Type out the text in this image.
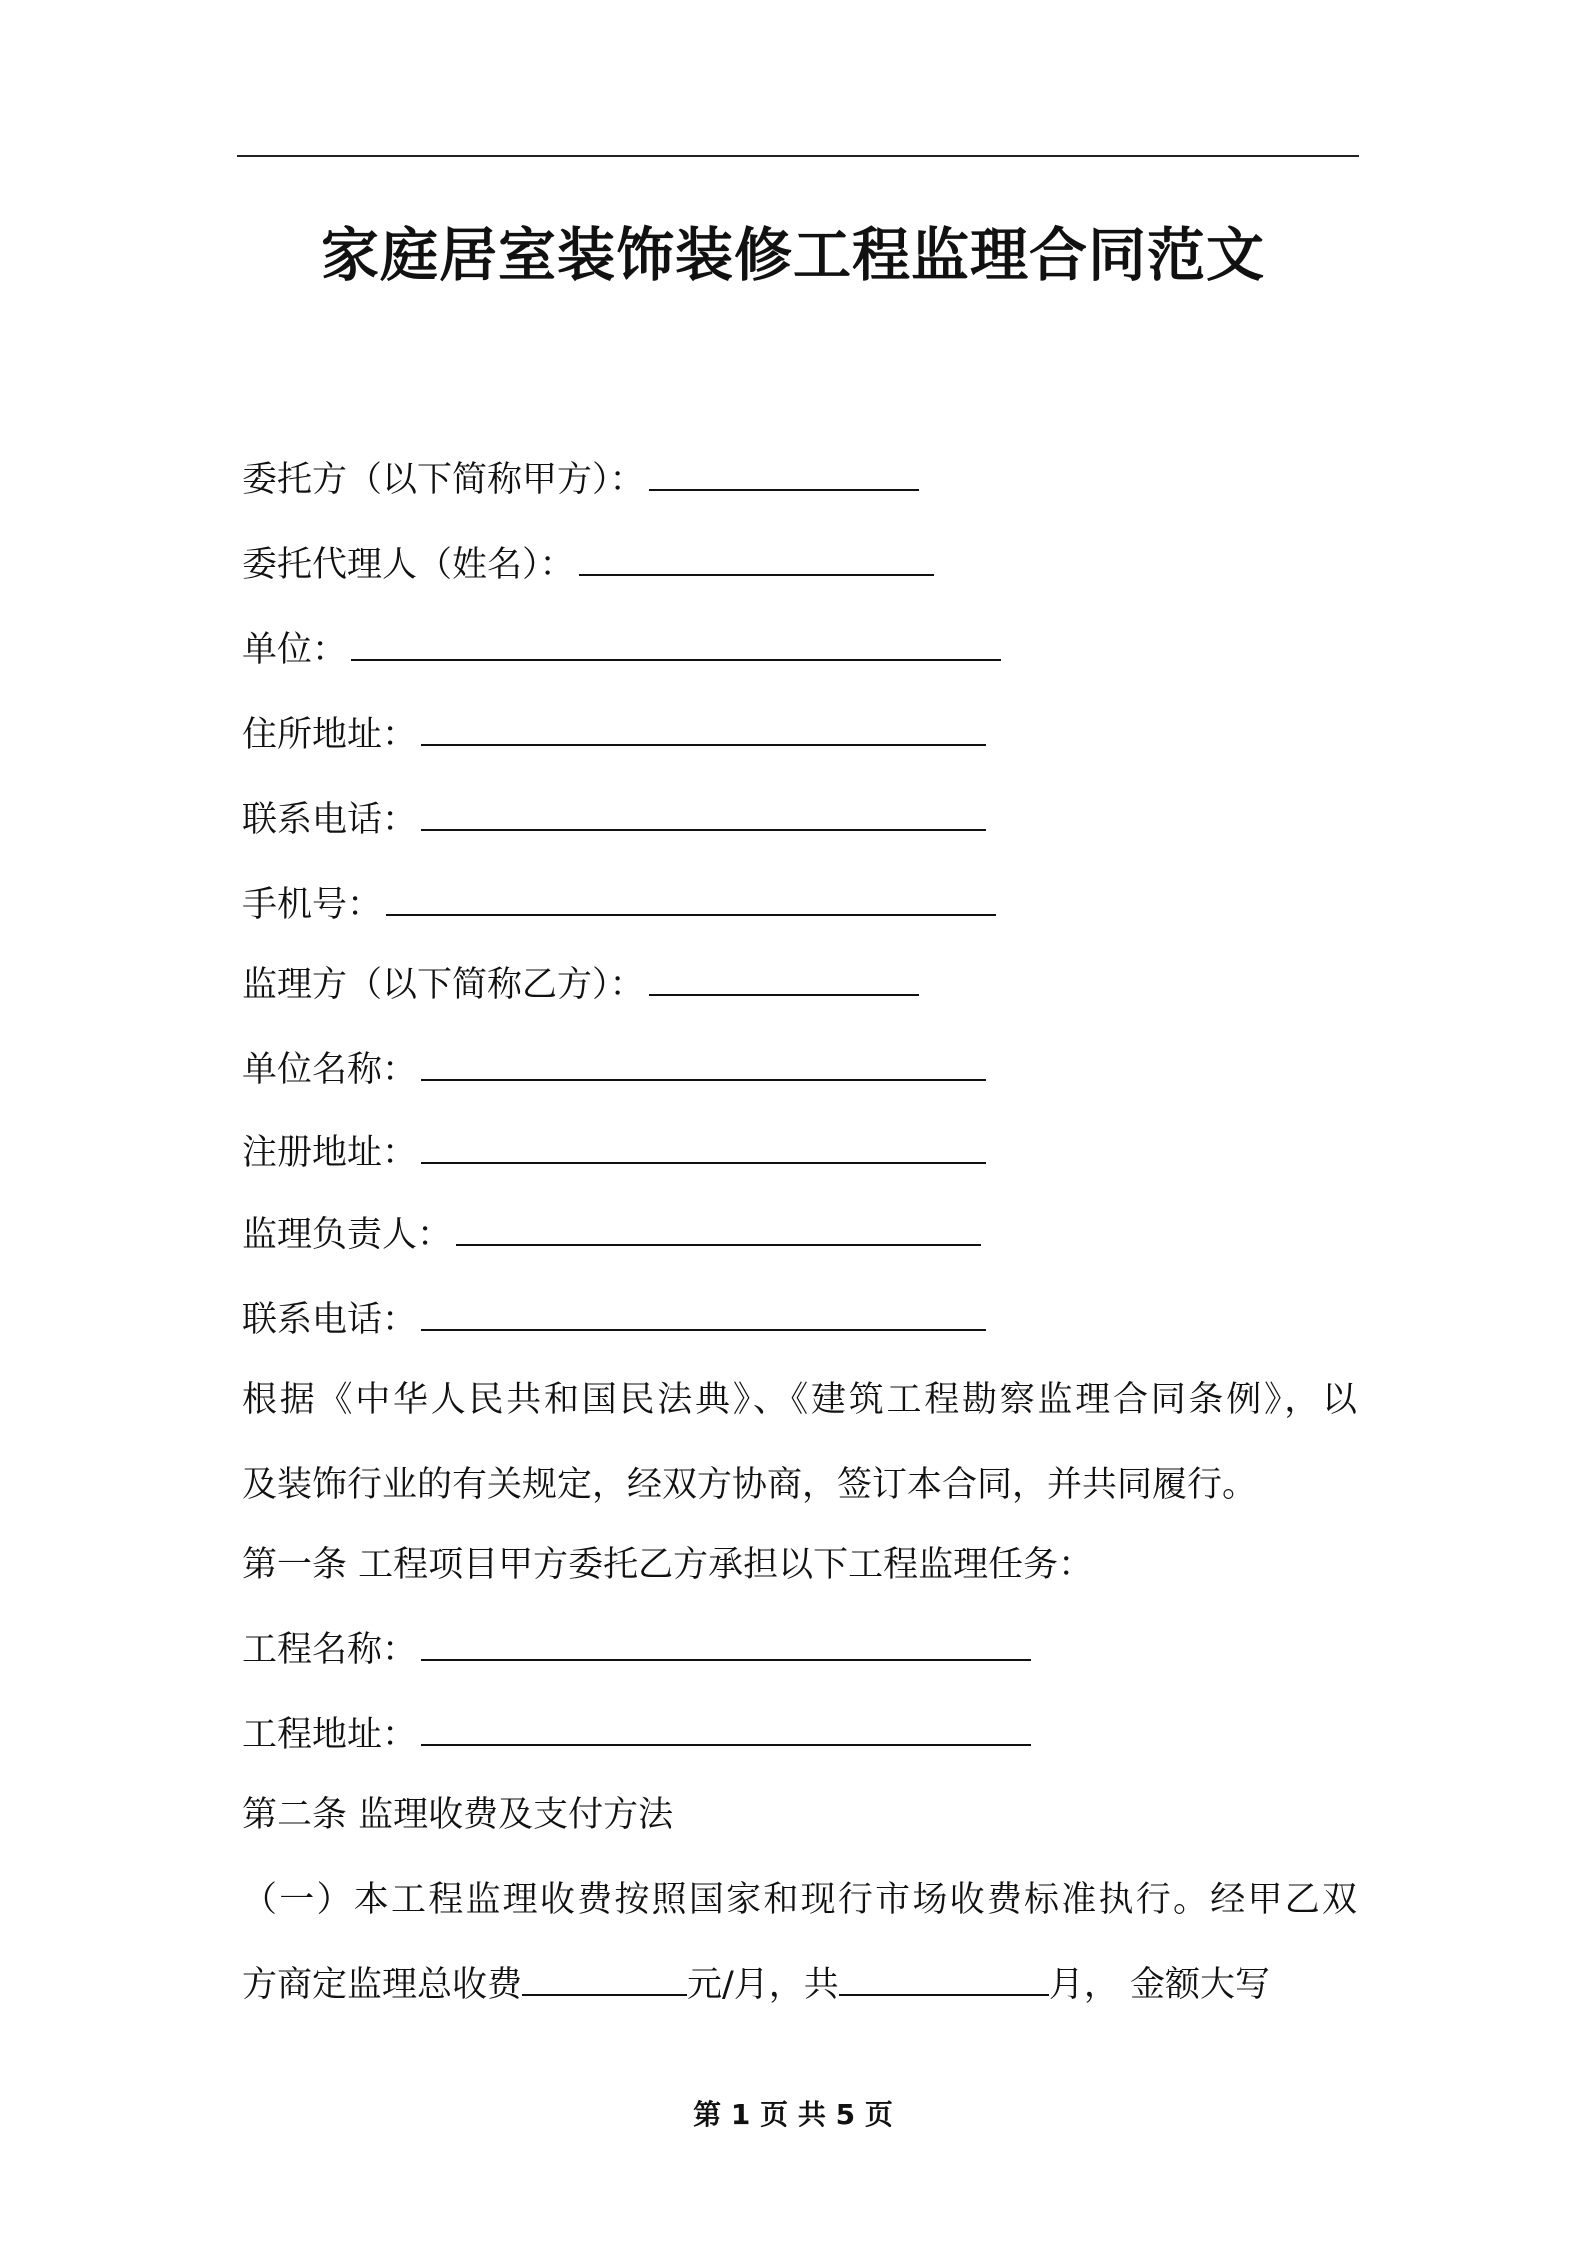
家庭居室装饰装修工程监理合同范文
委托方（以下简称甲方）：
委托代理人（姓名）：
单位：
住所地址：
联系电话：
手机号：
监理方（以下简称乙方）：
单位名称：
注册地址：
监理负责人：
联系电话：
根据《中华人民共和国民法典》、《建筑工程勘察监理合同条例》，以
及装饰行业的有关规定，经双方协商，签订本合同，并共同履行。
第一条 工程项目甲方委托乙方承担以下工程监理任务：
工程名称：
工程地址：
第二条 监理收费及支付方法
（一）本工程监理收费按照国家和现行市场收费标准执行。经甲乙双
方商定监理总收费	元/月，共	月， 金额大写
第 1 页 共 5 页
